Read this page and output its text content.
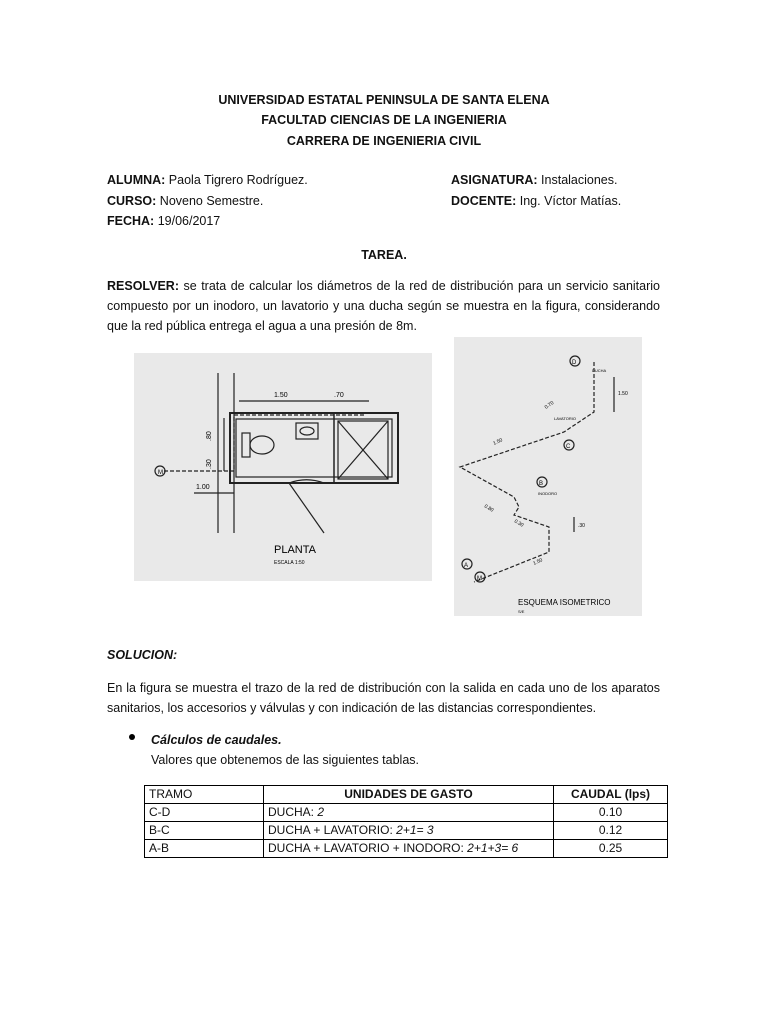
UNIVERSIDAD ESTATAL PENINSULA DE SANTA ELENA
FACULTAD CIENCIAS DE LA INGENIERIA
CARRERA DE INGENIERIA CIVIL
ALUMNA: Paola Tigrero Rodríguez.
CURSO: Noveno Semestre.
FECHA: 19/06/2017
ASIGNATURA: Instalaciones.
DOCENTE: Ing. Víctor Matías.
TAREA.
RESOLVER: se trata de calcular los diámetros de la red de distribución para un servicio sanitario compuesto por un inodoro, un lavatorio y una ducha según se muestra en la figura, considerando que la red pública entrega el agua a una presión de 8m.
1.50	.70
.80
.30
1.00
M
PLANTA
ESCALA 1:50
D
C
B
A
M
DUCHA
LAVATORIO
INODORO
1.50
0.70
1.50
0.80
0.30	.30
1.50
ESQUEMA ISOMETRICO
S/E
SOLUCION:
En la figura se muestra el trazo de la red de distribución con la salida en cada uno de los aparatos sanitarios, los accesorios y válvulas y con indicación de las distancias correspondientes.
Cálculos de caudales.
Valores que obtenemos de las siguientes tablas.
TRAMO	UNIDADES DE GASTO	CAUDAL (lps)
C-D	DUCHA: 2	0.10
B-C	DUCHA + LAVATORIO: 2+1= 3	0.12
A-B	DUCHA + LAVATORIO + INODORO: 2+1+3= 6	0.25
